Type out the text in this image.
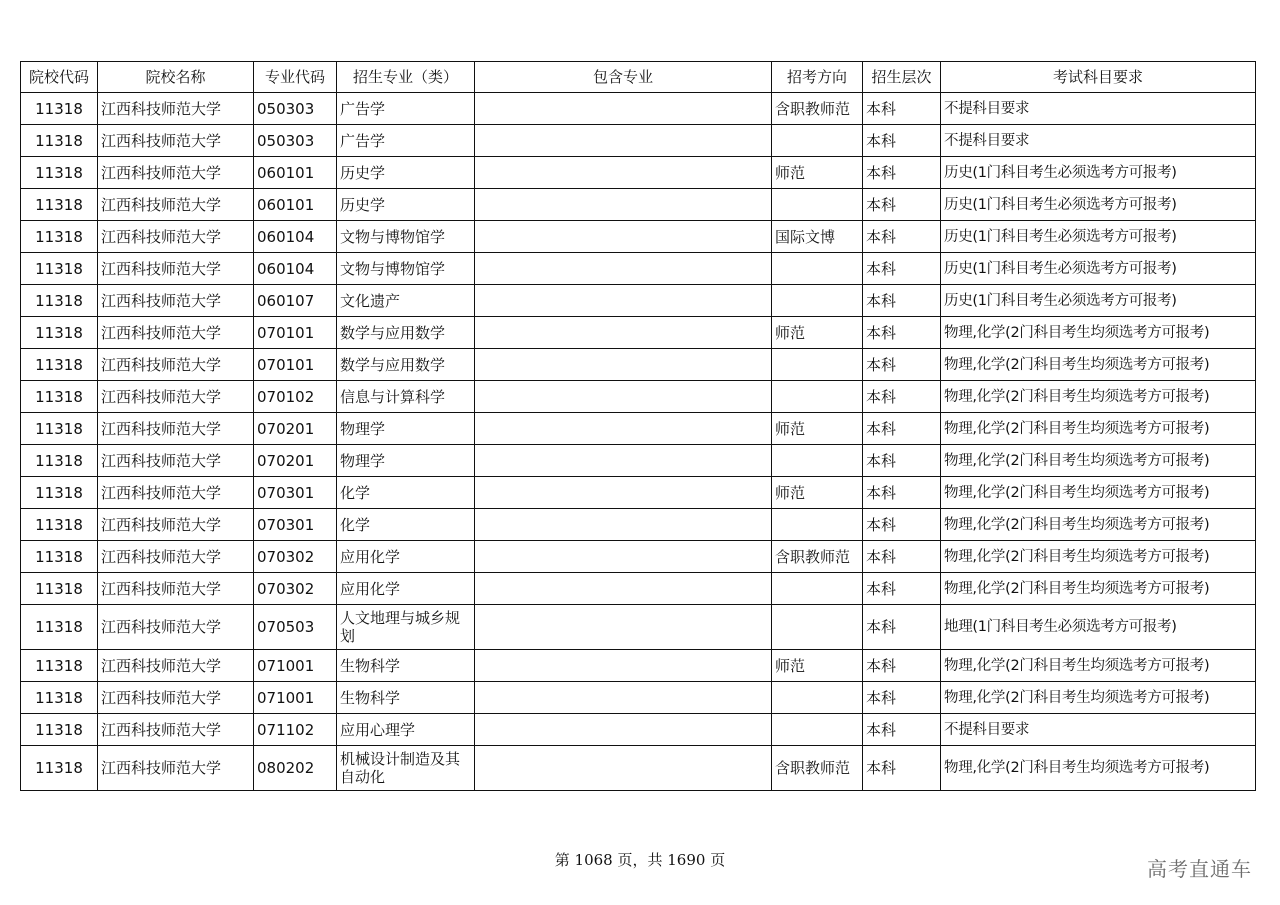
院校代码	院校名称	专业代码	招生专业（类）	包含专业	招考方向	招生层次	考试科目要求
11318	江西科技师范大学	050303	广告学		含职教师范	本科	不提科目要求
11318	江西科技师范大学	050303	广告学			本科	不提科目要求
11318	江西科技师范大学	060101	历史学		师范	本科	历史(1门科目考生必须选考方可报考)
11318	江西科技师范大学	060101	历史学			本科	历史(1门科目考生必须选考方可报考)
11318	江西科技师范大学	060104	文物与博物馆学		国际文博	本科	历史(1门科目考生必须选考方可报考)
11318	江西科技师范大学	060104	文物与博物馆学			本科	历史(1门科目考生必须选考方可报考)
11318	江西科技师范大学	060107	文化遗产			本科	历史(1门科目考生必须选考方可报考)
11318	江西科技师范大学	070101	数学与应用数学		师范	本科	物理,化学(2门科目考生均须选考方可报考)
11318	江西科技师范大学	070101	数学与应用数学			本科	物理,化学(2门科目考生均须选考方可报考)
11318	江西科技师范大学	070102	信息与计算科学			本科	物理,化学(2门科目考生均须选考方可报考)
11318	江西科技师范大学	070201	物理学		师范	本科	物理,化学(2门科目考生均须选考方可报考)
11318	江西科技师范大学	070201	物理学			本科	物理,化学(2门科目考生均须选考方可报考)
11318	江西科技师范大学	070301	化学		师范	本科	物理,化学(2门科目考生均须选考方可报考)
11318	江西科技师范大学	070301	化学			本科	物理,化学(2门科目考生均须选考方可报考)
11318	江西科技师范大学	070302	应用化学		含职教师范	本科	物理,化学(2门科目考生均须选考方可报考)
11318	江西科技师范大学	070302	应用化学			本科	物理,化学(2门科目考生均须选考方可报考)
11318	江西科技师范大学	070503	人文地理与城乡规划			本科	地理(1门科目考生必须选考方可报考)
11318	江西科技师范大学	071001	生物科学		师范	本科	物理,化学(2门科目考生均须选考方可报考)
11318	江西科技师范大学	071001	生物科学			本科	物理,化学(2门科目考生均须选考方可报考)
11318	江西科技师范大学	071102	应用心理学			本科	不提科目要求
11318	江西科技师范大学	080202	机械设计制造及其自动化		含职教师范	本科	物理,化学(2门科目考生均须选考方可报考)
第 1068 页，共 1690 页	高考直通车
